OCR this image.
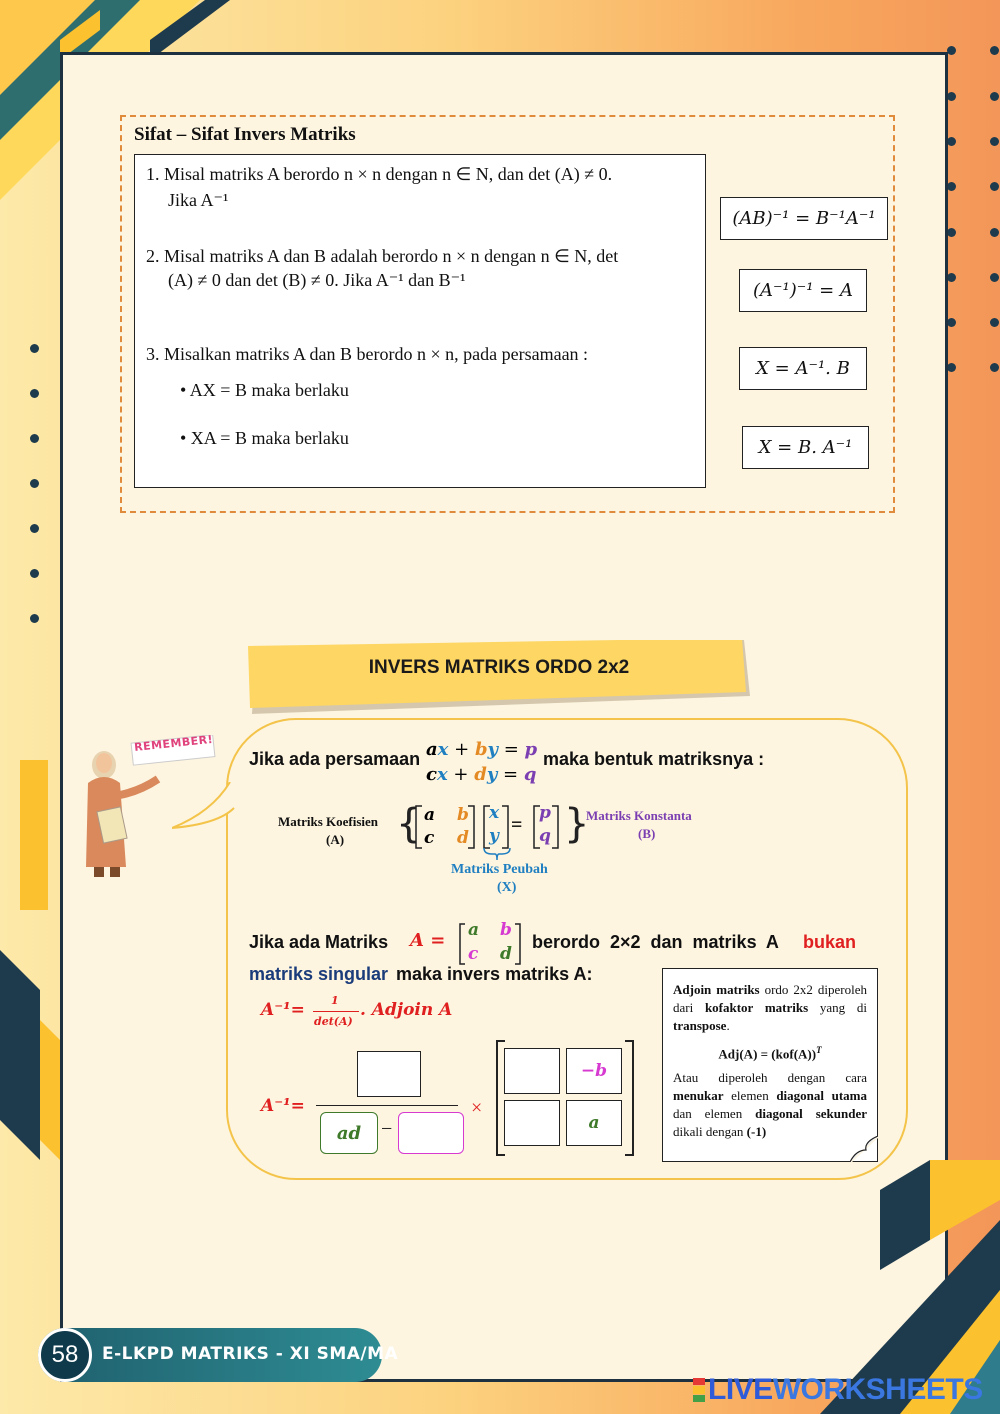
Sifat – Sifat Invers Matriks
1. Misal matriks A berordo n × n dengan n ∈ N, dan det (A) ≠ 0.
Jika A⁻¹
2. Misal matriks A dan B adalah berordo n × n dengan n ∈ N, det
(A) ≠ 0 dan det (B) ≠ 0. Jika A⁻¹ dan B⁻¹
3. Misalkan matriks A dan B berordo n × n, pada persamaan :
• AX = B maka berlaku
• XA = B maka berlaku
(AB)⁻¹ = B⁻¹A⁻¹
(A⁻¹)⁻¹ = A
X = A⁻¹. B
X = B. A⁻¹
INVERS MATRIKS ORDO 2x2
REMEMBER!
Jika ada persamaan ax + by = p
cx + dy = q
maka bentuk matriksnya :
Matriks Koefisien
(A) { a b
c d
x
y =
p
q }
Matriks Konstanta
(B)
Matriks Peubah
(X)
Jika ada Matriks A = a b
c d
berordo 2×2 dan matriks A bukan
matriks singular maka invers matriks A:
A⁻¹= 1
det(A)
. Adjoin A
A⁻¹=
ad −
×
−b
a
Adjoin matriks ordo 2x2 diperoleh dari kofaktor matriks yang di transpose.
$Adj(A) = (kof(A))^T$
Atau diperoleh dengan cara menukar elemen diagonal utama dan elemen diagonal sekunder dikali dengan (-1)
58	E-LKPD MATRIKS - XI SMA/MA
LIVEWORKSHEETS
